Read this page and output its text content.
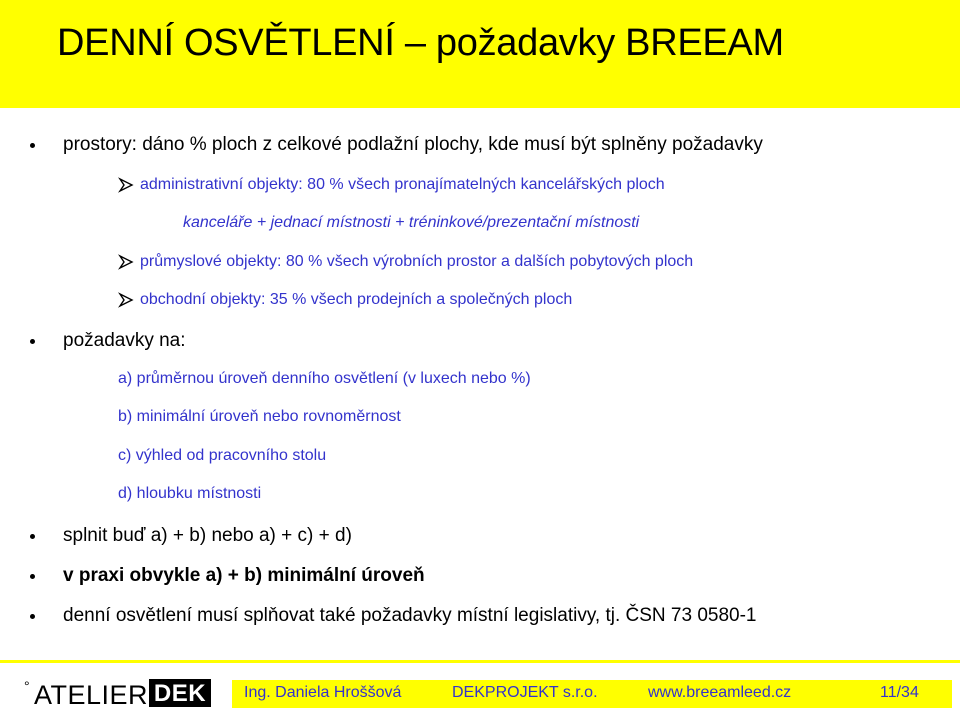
DENNÍ OSVĚTLENÍ – požadavky BREEAM
prostory: dáno % ploch z celkové podlažní plochy, kde musí být splněny požadavky
administrativní objekty: 80 % všech pronajímatelných kancelářských ploch
kanceláře + jednací místnosti + tréninkové/prezentační místnosti
průmyslové objekty: 80 % všech výrobních prostor a dalších pobytových ploch
obchodní objekty: 35 % všech prodejních a společných ploch
požadavky na:
a) průměrnou úroveň denního osvětlení (v luxech nebo %)
b) minimální úroveň nebo rovnoměrnost
c) výhled od pracovního stolu
d) hloubku místnosti
splnit buď a) + b) nebo a) + c) + d)
v praxi obvykle a) + b) minimální úroveň
denní osvětlení musí splňovat také požadavky místní legislativy, tj. ČSN 73 0580-1
° ATELIER DEK	Ing. Daniela Hroššová	DEKPROJEKT s.r.o.	www.breeamleed.cz	11/34
